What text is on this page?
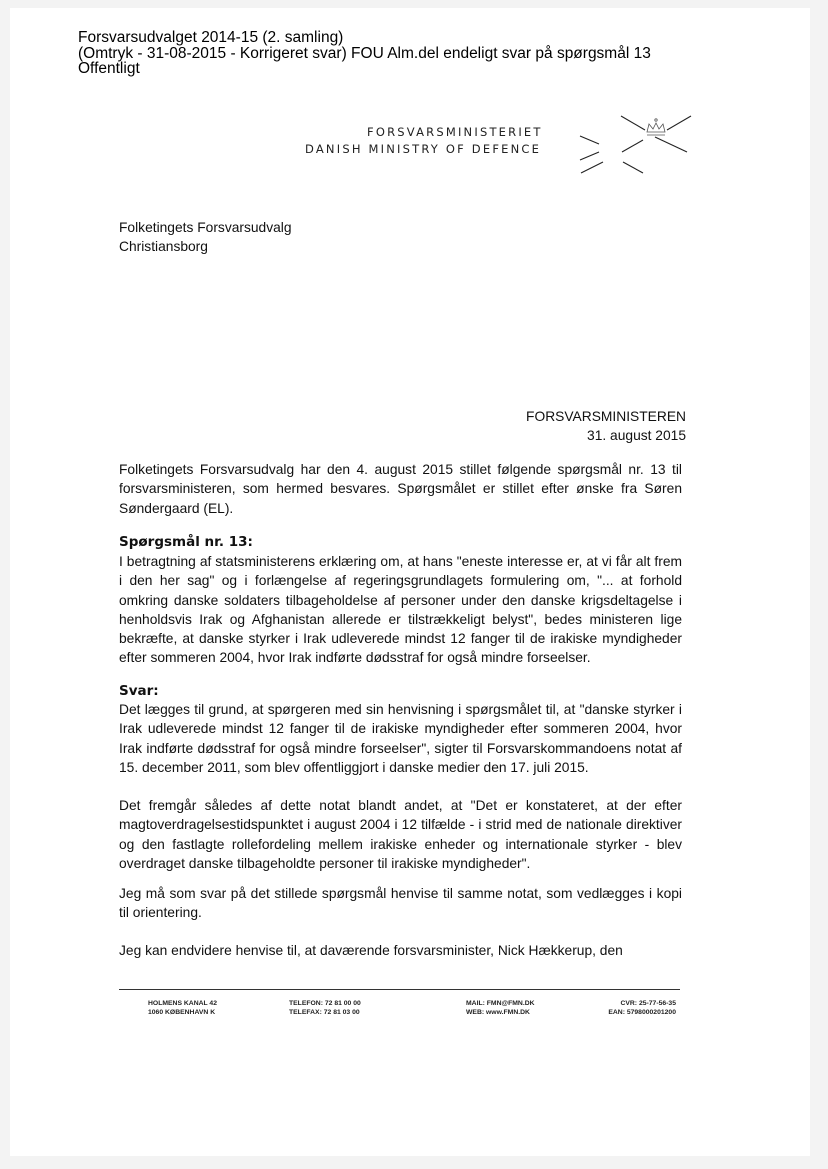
Forsvarsudvalget 2014-15 (2. samling)
(Omtryk - 31-08-2015 - Korrigeret svar) FOU Alm.del endeligt svar på spørgsmål 13
Offentligt
FORSVARSMINISTERIET
DANISH MINISTRY OF DEFENCE
Folketingets Forsvarsudvalg
Christiansborg
FORSVARSMINISTEREN
31. august 2015
Folketingets Forsvarsudvalg har den 4. august 2015 stillet følgende spørgsmål nr. 13 til forsvarsministeren, som hermed besvares. Spørgsmålet er stillet efter ønske fra Søren Søndergaard (EL).
Spørgsmål nr. 13:
I betragtning af statsministerens erklæring om, at hans "eneste interesse er, at vi får alt frem i den her sag" og i forlængelse af regeringsgrundlagets formulering om, "... at forhold omkring danske soldaters tilbageholdelse af personer under den danske krigsdeltagelse i henholdsvis Irak og Afghanistan allerede er tilstrækkeligt belyst", bedes ministeren lige bekræfte, at danske styrker i Irak udleverede mindst 12 fanger til de irakiske myndigheder efter sommeren 2004, hvor Irak indførte dødsstraf for også mindre forseelser.
Svar:
Det lægges til grund, at spørgeren med sin henvisning i spørgsmålet til, at "danske styrker i Irak udleverede mindst 12 fanger til de irakiske myndigheder efter sommeren 2004, hvor Irak indførte dødsstraf for også mindre forseelser", sigter til Forsvarskommandoens notat af 15. december 2011, som blev offentliggjort i danske medier den 17. juli 2015.
Det fremgår således af dette notat blandt andet, at "Det er konstateret, at der efter magtoverdragelsestidspunktet i august 2004 i 12 tilfælde - i strid med de nationale direktiver og den fastlagte rollefordeling mellem irakiske enheder og internationale styrker - blev overdraget danske tilbageholdte personer til irakiske myndigheder".
Jeg må som svar på det stillede spørgsmål henvise til samme notat, som vedlægges i kopi til orientering.
Jeg kan endvidere henvise til, at daværende forsvarsminister, Nick Hækkerup, den
HOLMENS KANAL 42
1060 KØBENHAVN K
TELEFON: 72 81 00 00
TELEFAX: 72 81 03 00
MAIL: FMN@FMN.DK
WEB: www.FMN.DK
CVR: 25-77-56-35
EAN: 5798000201200
